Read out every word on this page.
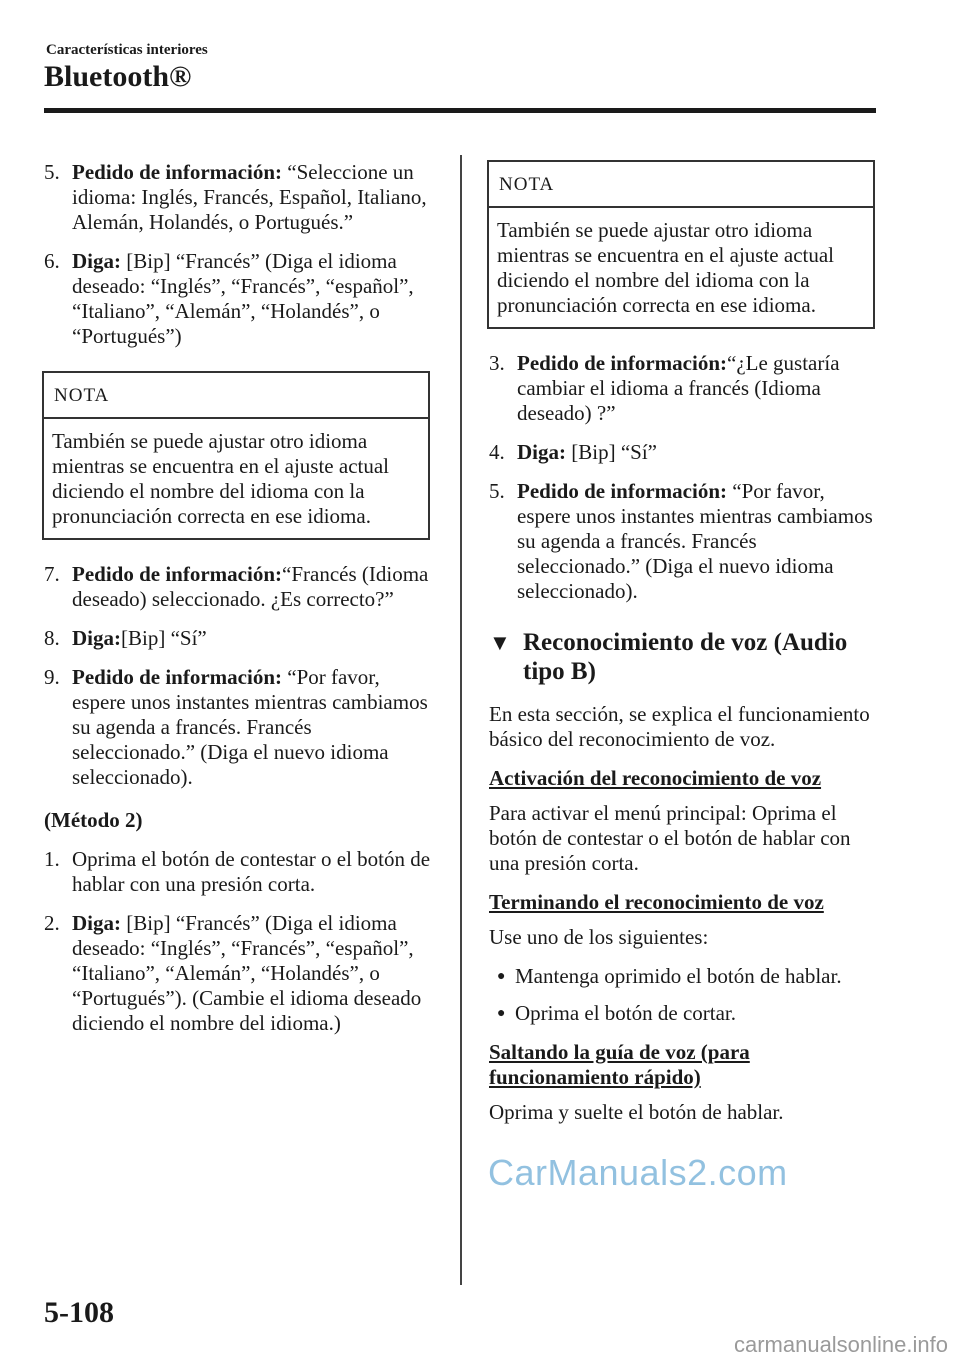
Características interiores
Bluetooth®
5. Pedido de información: “Seleccione un idioma: Inglés, Francés, Español, Italiano, Alemán, Holandés, o Portugués.”
6. Diga: [Bip] “Francés” (Diga el idioma deseado: “Inglés”, “Francés”, “español”, “Italiano”, “Alemán”, “Holandés”, o “Portugués”)
NOTA
También se puede ajustar otro idioma mientras se encuentra en el ajuste actual diciendo el nombre del idioma con la pronunciación correcta en ese idioma.
7. Pedido de información:“Francés (Idioma deseado) seleccionado. ¿Es correcto?”
8. Diga:[Bip] “Sí”
9. Pedido de información: “Por favor, espere unos instantes mientras cambiamos su agenda a francés. Francés seleccionado.” (Diga el nuevo idioma seleccionado).
(Método 2)
1. Oprima el botón de contestar o el botón de hablar con una presión corta.
2. Diga: [Bip] “Francés” (Diga el idioma deseado: “Inglés”, “Francés”, “español”, “Italiano”, “Alemán”, “Holandés”, o “Portugués”). (Cambie el idioma deseado diciendo el nombre del idioma.)
NOTA
También se puede ajustar otro idioma mientras se encuentra en el ajuste actual diciendo el nombre del idioma con la pronunciación correcta en ese idioma.
3. Pedido de información:“¿Le gustaría cambiar el idioma a francés (Idioma deseado) ?”
4. Diga: [Bip] “Sí”
5. Pedido de información: “Por favor, espere unos instantes mientras cambiamos su agenda a francés. Francés seleccionado.” (Diga el nuevo idioma seleccionado).
▼ Reconocimiento de voz (Audio tipo B)
En esta sección, se explica el funcionamiento básico del reconocimiento de voz.
Activación del reconocimiento de voz
Para activar el menú principal: Oprima el botón de contestar o el botón de hablar con una presión corta.
Terminando el reconocimiento de voz
Use uno de los siguientes:
● Mantenga oprimido el botón de hablar.
● Oprima el botón de cortar.
Saltando la guía de voz (para funcionamiento rápido)
Oprima y suelte el botón de hablar.
CarManuals2.com
5-108
carmanualsonline.info
